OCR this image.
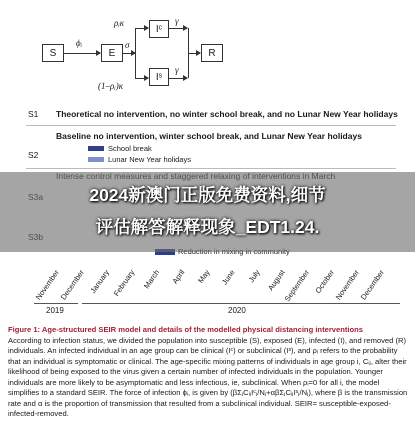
S
ϕᵢ
E
σ
ρᵢκ
Iᶜ
(1–ρᵢ)κ
Iˢ
γ
γ
R
S1 Theoretical no intervention, no winter school break, and no Lunar New Year holidays
S2
Baseline no intervention, winter school break, and Lunar New Year holidays
School break
Lunar New Year holidays
November
December January February March April May June July August
September October
November
December
2019	2020
2024新澳门正版免费资料,细节
评估解答解释现象_EDT1.24.
Figure 1: Age-structured SEIR model and details of the modelled physical distancing interventions
According to infection status, we divided the population into susceptible (S), exposed (E), infected (I), and removed (R) individuals. An infected individual in an age group can be clinical (Iᶜ) or subclinical (Iˢ), and ρᵢ refers to the probability that an individual is symptomatic or clinical. The age-specific mixing patterns of individuals in age group i, Cᵢⱼ, alter their likelihood of being exposed to the virus given a certain number of infected individuals in the population. Younger individuals are more likely to be asymptomatic and less infectious, ie, subclinical. When ρᵢ=0 for all i, the model simplifies to a standard SEIR. The force of infection ϕᵢ, is given by (βΣⱼCᵢⱼIᶜⱼ/Nⱼ+αβΣⱼCᵢⱼIˢⱼ/Nⱼ), where β is the transmission rate and α is the proportion of transmission that resulted from a subclinical individual. SEIR= susceptible-exposed-infected-removed.
